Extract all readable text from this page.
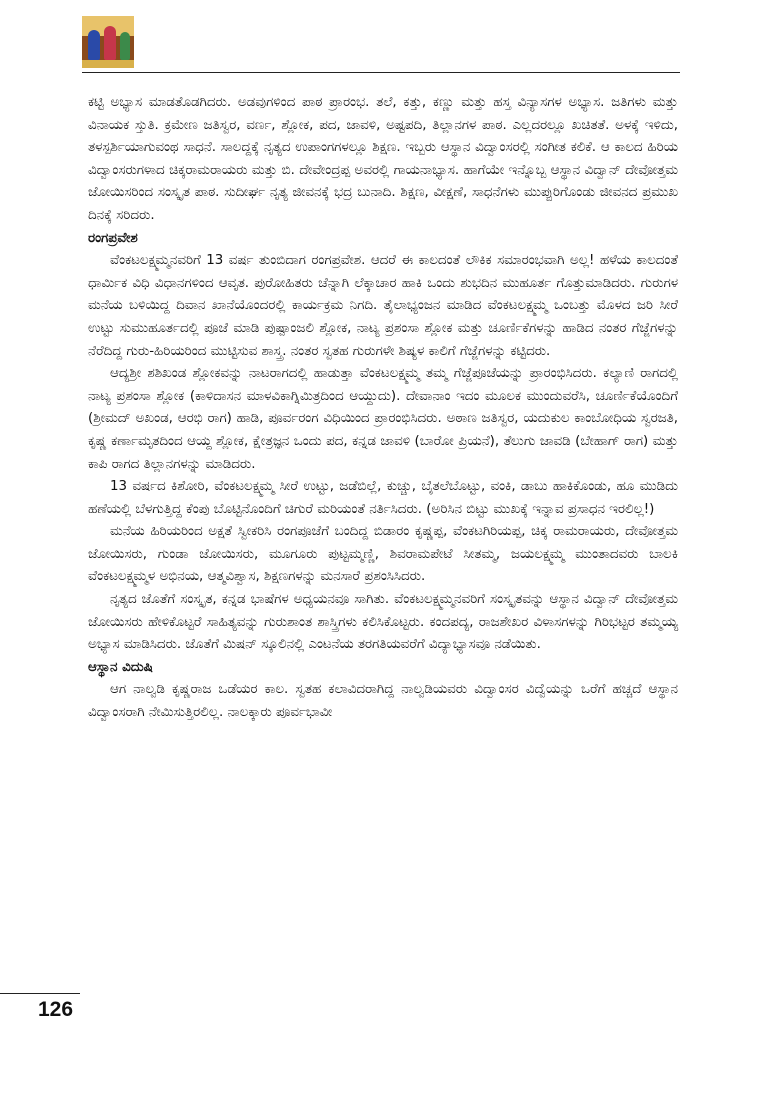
ಕಟ್ಟಿ ಅಭ್ಯಾಸ ಮಾಡತೊಡಗಿದರು. ಅಡವುಗಳಿಂದ ಪಾಠ ಪ್ರಾರಂಭ. ತಲೆ, ಕತ್ತು, ಕಣ್ಣು ಮತ್ತು ಹಸ್ತ ವಿನ್ಯಾಸಗಳ ಅಭ್ಯಾಸ. ಜತಿಗಳು ಮತ್ತು ವಿನಾಯಕ ಸ್ತುತಿ. ಕ್ರಮೇಣ ಜತಿಸ್ವರ, ವರ್ಣ, ಶ್ಲೋಕ, ಪದ, ಜಾವಳಿ, ಅಷ್ಟಪದಿ, ತಿಲ್ಲಾನಗಳ ಪಾಠ. ಎಲ್ಲದರಲ್ಲೂ ಖಚಿತತೆ. ಅಳಕ್ಕೆ ಇಳಿದು, ತಳಸ್ಪರ್ಶಿಯಾಗುವಂಥ ಸಾಧನೆ. ಸಾಲದ್ದಕ್ಕೆ ನೃತ್ಯದ ಉಪಾಂಗಗಳಲ್ಲೂ ಶಿಕ್ಷಣ. ಇಬ್ಬರು ಆಸ್ಥಾನ ವಿದ್ವಾಂಸರಲ್ಲಿ ಸಂಗೀತ ಕಲಿಕೆ. ಆ ಕಾಲದ ಹಿರಿಯ ವಿದ್ವಾಂಸರುಗಳಾದ ಚಿಕ್ಕರಾಮರಾಯರು ಮತ್ತು ಬಿ. ದೇವೇಂದ್ರಪ್ಪ ಅವರಲ್ಲಿ ಗಾಯನಾಭ್ಯಾಸ. ಹಾಗೆಯೇ ಇನ್ನೊಬ್ಬ ಆಸ್ಥಾನ ವಿದ್ವಾನ್ ದೇವೋತ್ತಮ ಜೋಯಿಸರಿಂದ ಸಂಸ್ಕೃತ ಪಾಠ. ಸುದೀರ್ಘ ನೃತ್ಯ ಜೀವನಕ್ಕೆ ಭದ್ರ ಬುನಾದಿ. ಶಿಕ್ಷಣ, ವೀಕ್ಷಣೆ, ಸಾಧನೆಗಳು ಮುಪ್ಪುರಿಗೊಂಡು ಜೀವನದ ಪ್ರಮುಖ ದಿನಕ್ಕೆ ಸರಿದರು.

ರಂಗಪ್ರವೇಶ

ವೆಂಕಟಲಕ್ಷ್ಮಮ್ಮನವರಿಗೆ 13 ವರ್ಷ ತುಂಬಿದಾಗ ರಂಗಪ್ರವೇಶ. ಆದರೆ ಈ ಕಾಲದಂತೆ ಲೌಕಿಕ ಸಮಾರಂಭವಾಗಿ ಅಲ್ಲ! ಹಳೆಯ ಕಾಲದಂತೆ ಧಾರ್ಮಿಕ ವಿಧಿ ವಿಧಾನಗಳಿಂದ ಆವೃತ. ಪುರೋಹಿತರು ಚೆನ್ನಾಗಿ ಲೆಕ್ಕಾಚಾರ ಹಾಕಿ ಒಂದು ಶುಭದಿನ ಮುಹೂರ್ತ ಗೊತ್ತುಮಾಡಿದರು. ಗುರುಗಳ ಮನೆಯ ಬಳಿಯಿದ್ದ ದಿವಾನ ಖಾನೆಯೊಂದರಲ್ಲಿ ಕಾರ್ಯಕ್ರಮ ನಿಗದಿ. ತೈಲಾಭ್ಯಂಜನ ಮಾಡಿದ ವೆಂಕಟಲಕ್ಷ್ಮಮ್ಮ ಒಂಬತ್ತು ಮೊಳದ ಜರಿ ಸೀರೆ ಉಟ್ಟು ಸುಮುಹೂರ್ತದಲ್ಲಿ ಪೂಜೆ ಮಾಡಿ ಪುಷ್ಪಾಂಜಲಿ ಶ್ಲೋಕ, ನಾಟ್ಯ ಪ್ರಶಂಸಾ ಶ್ಲೋಕ ಮತ್ತು ಚೂರ್ಣಿಕೆಗಳನ್ನು ಹಾಡಿದ ನಂತರ ಗೆಜ್ಜೆಗಳನ್ನು ನೆರೆದಿದ್ದ ಗುರು-ಹಿರಿಯರಿಂದ ಮುಟ್ಟಿಸುವ ಶಾಸ್ತ್ರ. ನಂತರ ಸ್ವತಹ ಗುರುಗಳೇ ಶಿಷ್ಯಳ ಕಾಲಿಗೆ ಗೆಜ್ಜೆಗಳನ್ನು ಕಟ್ಟಿದರು.

ಆದ್ಯಶ್ರೀ ಶಶಿಖಂಡ ಶ್ಲೋಕವನ್ನು ನಾಟರಾಗದಲ್ಲಿ ಹಾಡುತ್ತಾ ವೆಂಕಟಲಕ್ಷ್ಮಮ್ಮ ತಮ್ಮ ಗೆಜ್ಜೆಪೂಜೆಯನ್ನು ಪ್ರಾರಂಭಿಸಿದರು. ಕಲ್ಯಾಣಿ ರಾಗದಲ್ಲಿ ನಾಟ್ಯ ಪ್ರಶಂಸಾ ಶ್ಲೋಕ (ಕಾಳಿದಾಸನ ಮಾಳವಿಕಾಗ್ನಿಮಿತ್ರದಿಂದ ಆಯ್ದುದು). ದೇವಾನಾಂ ಇದಂ ಮೂಲಕ ಮುಂದುವರೆಸಿ, ಚೂರ್ಣಿಕೆಯೊಂದಿಗೆ (ಶ್ರೀಮದ್ ಅಖಂಡ, ಆರಭಿ ರಾಗ) ಹಾಡಿ, ಪೂರ್ವರಂಗ ವಿಧಿಯಿಂದ ಪ್ರಾರಂಭಿಸಿದರು. ಅಠಾಣ ಜತಿಸ್ವರ, ಯದುಕುಲ ಕಾಂಬೋಧಿಯ ಸ್ವರಜತಿ, ಕೃಷ್ಣ ಕರ್ಣಾಮೃತದಿಂದ ಆಯ್ದ ಶ್ಲೋಕ, ಕ್ಷೇತ್ರಜ್ಞನ ಒಂದು ಪದ, ಕನ್ನಡ ಜಾವಳಿ (ಬಾರೋ ಪ್ರಿಯನೆ), ತೆಲುಗು ಜಾವಡಿ (ಬೇಹಾಗ್ ರಾಗ) ಮತ್ತು ಕಾಪಿ ರಾಗದ ತಿಲ್ಲಾನಗಳನ್ನು ಮಾಡಿದರು.

13 ವರ್ಷದ ಕಿಶೋರಿ, ವೆಂಕಟಲಕ್ಷ್ಮಮ್ಮ ಸೀರೆ ಉಟ್ಟು, ಜಡೆಬಿಲ್ಲೆ, ಕುಚ್ಚು, ಬೈತಲೆಬೊಟ್ಟು, ವಂಕಿ, ಡಾಬು ಹಾಕಿಕೊಂಡು, ಹೂ ಮುಡಿದು ಹಣೆಯಲ್ಲಿ ಬೆಳಗುತ್ತಿದ್ದ ಕೆಂಪು ಬೊಟ್ಟಿನೊಂದಿಗೆ ಚಿಗುರೆ ಮರಿಯಂತೆ ನರ್ತಿಸಿದರು. (ಅರಿಸಿನ ಬಿಟ್ಟು ಮುಖಕ್ಕೆ ಇನ್ನಾವ ಪ್ರಸಾಧನ ಇರಲಿಲ್ಲ!)

ಮನೆಯ ಹಿರಿಯರಿಂದ ಅಕ್ಷತೆ ಸ್ವೀಕರಿಸಿ ರಂಗಪೂಜೆಗೆ ಬಂದಿದ್ದ ಬಿಡಾರಂ ಕೃಷ್ಣಪ್ಪ, ವೆಂಕಟಗಿರಿಯಪ್ಪ, ಚಿಕ್ಕ ರಾಮರಾಯರು, ದೇವೋತ್ತಮ ಜೋಯಿಸರು, ಗುಂಡಾ ಜೋಯಿಸರು, ಮೂಗೂರು ಪುಟ್ಟಮ್ಮಣ್ಣಿ, ಶಿವರಾಮಪೇಟೆ ಸೀತಮ್ಮ, ಜಯಲಕ್ಷ್ಮಮ್ಮ ಮುಂತಾದವರು ಬಾಲಕಿ ವೆಂಕಟಲಕ್ಷ್ಮಮ್ಮಳ ಅಭಿನಯ, ಆತ್ಮವಿಶ್ವಾಸ, ಶಿಕ್ಷಣಗಳನ್ನು ಮನಸಾರೆ ಪ್ರಶಂಸಿಸಿದರು.

ನೃತ್ಯದ ಜೊತೆಗೆ ಸಂಸ್ಕೃತ, ಕನ್ನಡ ಭಾಷೆಗಳ ಅಧ್ಯಯನವೂ ಸಾಗಿತು. ವೆಂಕಟಲಕ್ಷ್ಮಮ್ಮನವರಿಗೆ ಸಂಸ್ಕೃತವನ್ನು ಆಸ್ಥಾನ ವಿದ್ವಾನ್ ದೇವೋತ್ತಮ ಜೋಯಿಸರು ಹೇಳಿಕೊಟ್ಟರೆ ಸಾಹಿತ್ಯವನ್ನು ಗುರುಶಾಂತ ಶಾಸ್ತ್ರಿಗಳು ಕಲಿಸಿಕೊಟ್ಟರು. ಕಂದಪದ್ಯ, ರಾಜಶೇಖರ ವಿಳಾಸಗಳನ್ನು ಗಿರಿಭಟ್ಟರ ತಮ್ಮಯ್ಯ ಅಭ್ಯಾಸ ಮಾಡಿಸಿದರು. ಜೊತೆಗೆ ಮಿಷನ್ ಸ್ಕೂಲಿನಲ್ಲಿ ಎಂಟನೆಯ ತರಗತಿಯವರೆಗೆ ವಿದ್ಯಾಭ್ಯಾಸವೂ ನಡೆಯಿತು.

ಆಸ್ಥಾನ ವಿದುಷಿ

ಆಗ ನಾಲ್ವಡಿ ಕೃಷ್ಣರಾಜ ಒಡೆಯರ ಕಾಲ. ಸ್ವತಹ ಕಲಾವಿದರಾಗಿದ್ದ ನಾಲ್ವಡಿಯವರು ವಿದ್ವಾಂಸರ ವಿದ್ವೆಯನ್ನು ಒರೆಗೆ ಹಚ್ಚದೆ ಆಸ್ಥಾನ ವಿದ್ವಾಂಸರಾಗಿ ನೇಮಿಸುತ್ತಿರಲಿಲ್ಲ. ನಾಲಕ್ಕಾರು ಪೂರ್ವಭಾವೀ

126
